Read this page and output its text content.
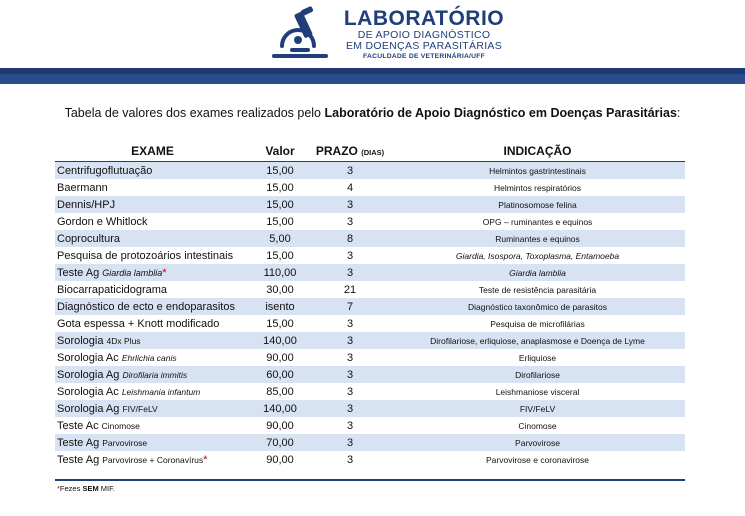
LABORATÓRIO
DE APOIO DIAGNÓSTICO
EM DOENÇAS PARASITÁRIAS
FACULDADE DE VETERINÁRIA/UFF
Tabela de valores dos exames realizados pelo Laboratório de Apoio Diagnóstico em Doenças Parasitárias:
EXAME	Valor	PRAZO (DIAS)	INDICAÇÃO
Centrifugoflutuação	15,00	3	Helmintos gastrintestinais
Baermann	15,00	4	Helmintos respiratórios
Dennis/HPJ	15,00	3	Platinosomose felina
Gordon e Whitlock	15,00	3	OPG – ruminantes e equinos
Coprocultura	5,00	8	Ruminantes e equinos
Pesquisa de protozoários intestinais	15,00	3	Giardia, Isospora, Toxoplasma, Entamoeba
Teste Ag Giardia lamblia*	110,00	3	Giardia lamblia
Biocarrapaticidograma	30,00	21	Teste de resistência parasitária
Diagnóstico de ecto e endoparasitos	isento	7	Diagnóstico taxonômico de parasitos
Gota espessa + Knott modificado	15,00	3	Pesquisa de microfilárias
Sorologia 4Dx Plus	140,00	3	Dirofilariose, erliquiose, anaplasmose e Doença de Lyme
Sorologia Ac Ehrlichia canis	90,00	3	Erliquiose
Sorologia Ag Dirofilaria immitis	60,00	3	Dirofilariose
Sorologia Ac Leishmania infantum	85,00	3	Leishmaniose visceral
Sorologia Ag FIV/FeLV	140,00	3	FIV/FeLV
Teste Ac Cinomose	90,00	3	Cinomose
Teste Ag Parvovirose	70,00	3	Parvovirose
Teste Ag Parvovirose + Coronavírus*	90,00	3	Parvovirose e coronavirose
*Fezes SEM MIF.
